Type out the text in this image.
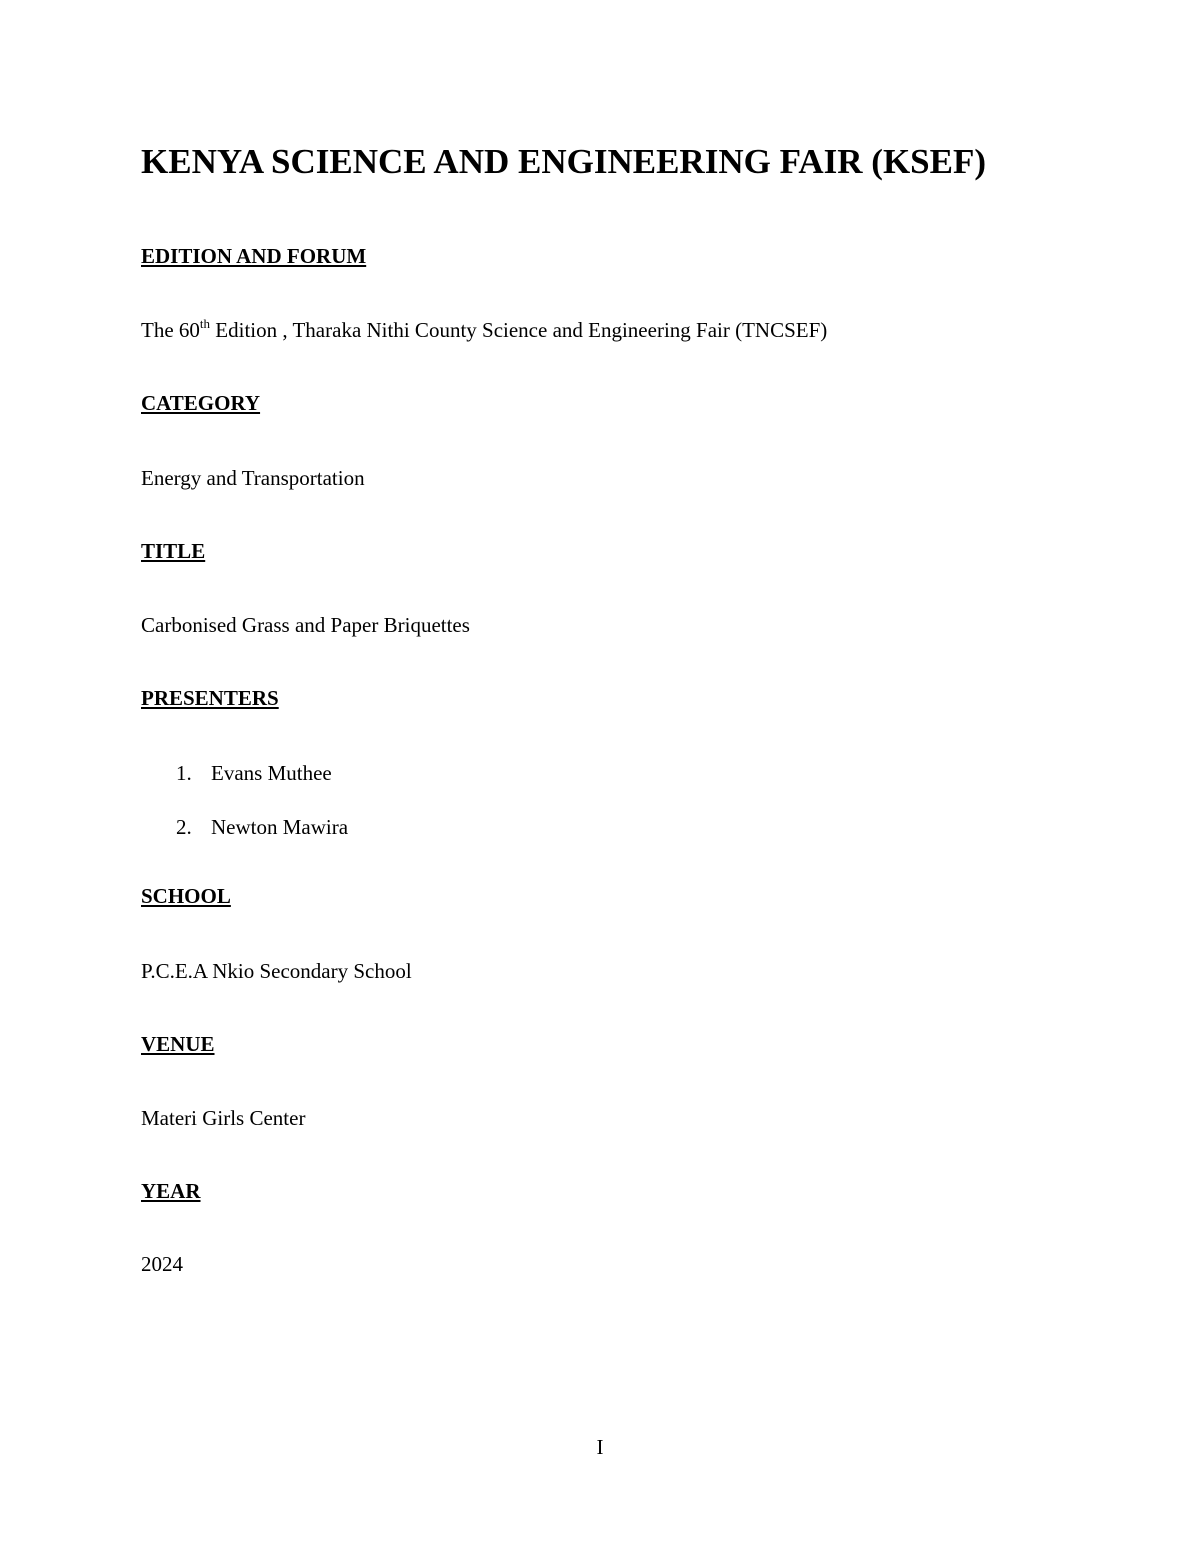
KENYA SCIENCE AND ENGINEERING FAIR (KSEF)

EDITION AND FORUM

The 60th Edition , Tharaka Nithi County Science and Engineering Fair (TNCSEF)

CATEGORY

Energy and Transportation

TITLE

Carbonised Grass and Paper Briquettes

PRESENTERS

1. Evans Muthee

2. Newton Mawira

SCHOOL

P.C.E.A Nkio Secondary School

VENUE

Materi Girls Center

YEAR

2024

I
